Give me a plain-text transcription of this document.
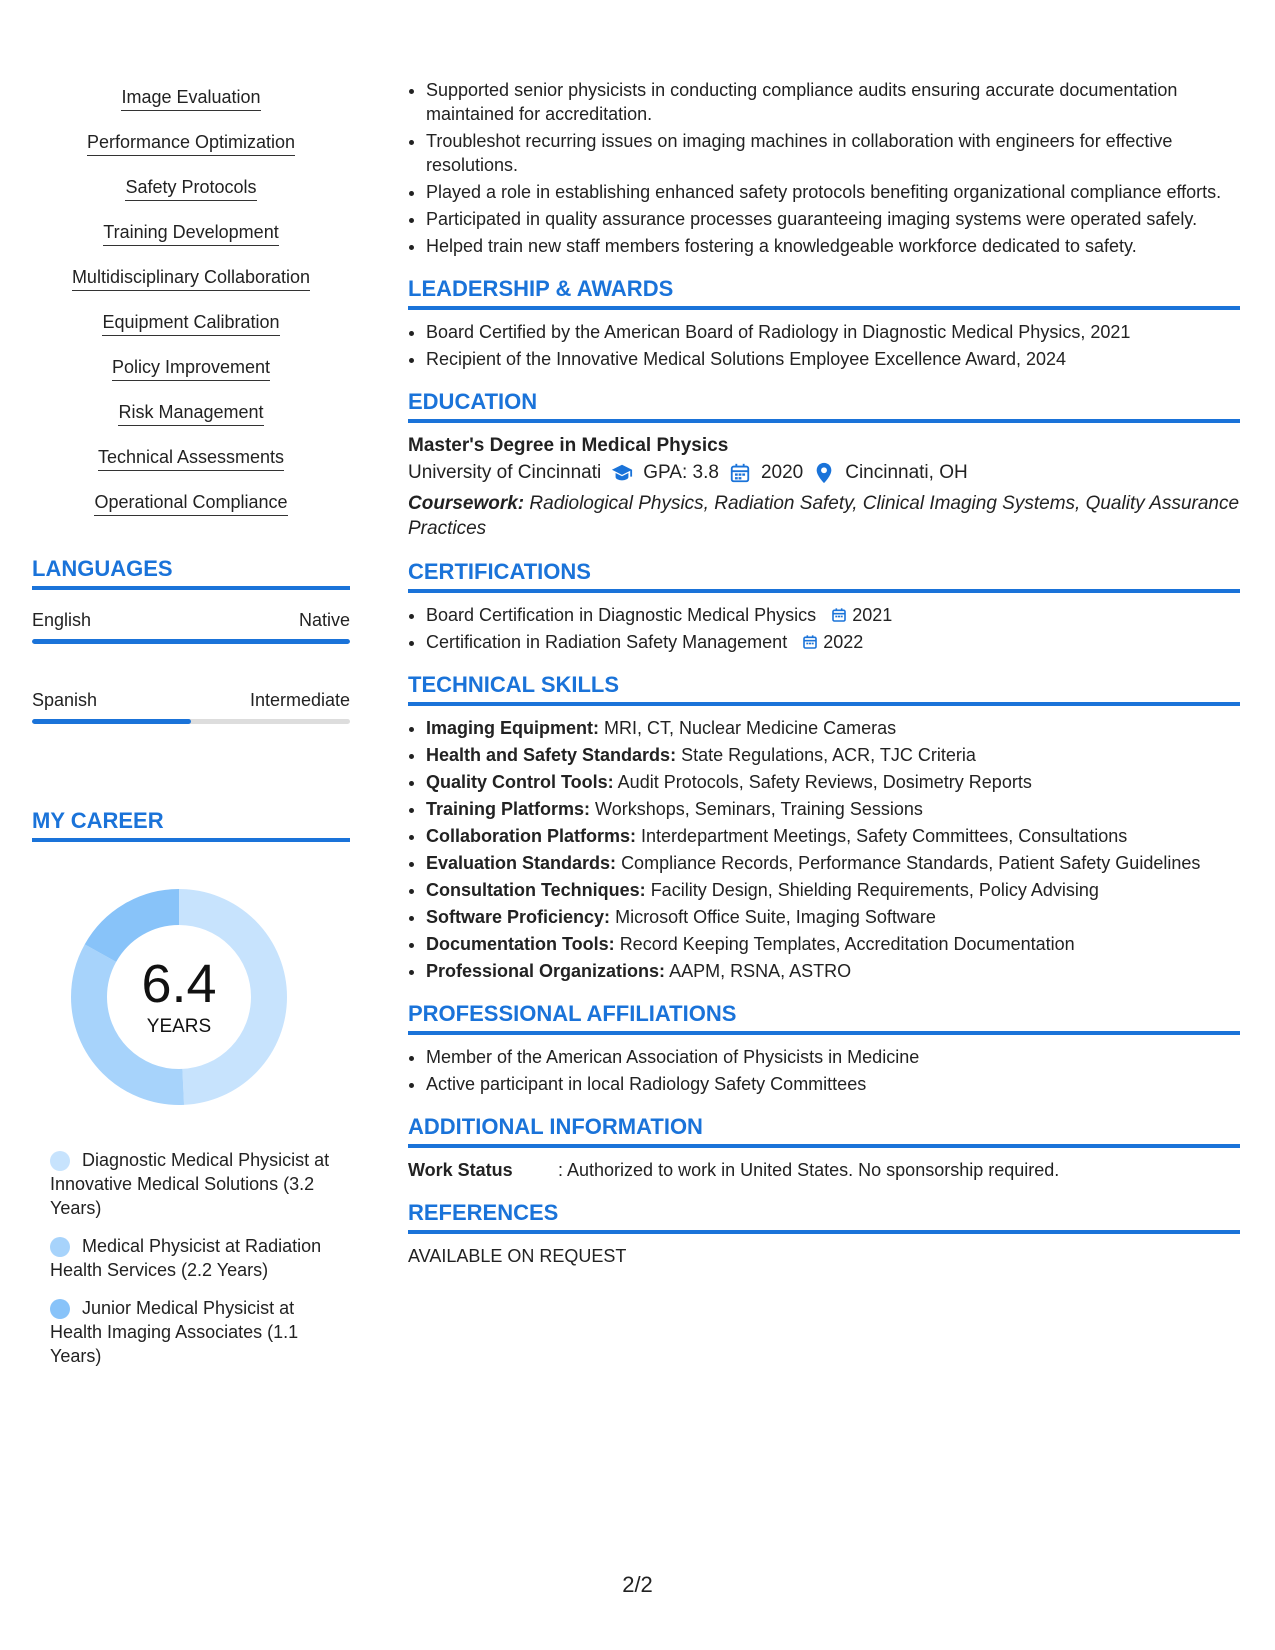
Image Evaluation
Performance Optimization
Safety Protocols
Training Development
Multidisciplinary Collaboration
Equipment Calibration
Policy Improvement
Risk Management
Technical Assessments
Operational Compliance
LANGUAGES
English	Native
Spanish	Intermediate
MY CAREER
6.4
YEARS
Diagnostic Medical Physicist at Innovative Medical Solutions (3.2 Years)
Medical Physicist at Radiation Health Services (2.2 Years)
Junior Medical Physicist at Health Imaging Associates (1.1 Years)
• Supported senior physicists in conducting compliance audits ensuring accurate documentation maintained for accreditation.
• Troubleshot recurring issues on imaging machines in collaboration with engineers for effective resolutions.
• Played a role in establishing enhanced safety protocols benefiting organizational compliance efforts.
• Participated in quality assurance processes guaranteeing imaging systems were operated safely.
• Helped train new staff members fostering a knowledgeable workforce dedicated to safety.
LEADERSHIP & AWARDS
• Board Certified by the American Board of Radiology in Diagnostic Medical Physics, 2021
• Recipient of the Innovative Medical Solutions Employee Excellence Award, 2024
EDUCATION
Master's Degree in Medical Physics
University of Cincinnati GPA: 3.8 2020 Cincinnati, OH
Coursework: Radiological Physics, Radiation Safety, Clinical Imaging Systems, Quality Assurance Practices
CERTIFICATIONS
• Board Certification in Diagnostic Medical Physics 2021
• Certification in Radiation Safety Management 2022
TECHNICAL SKILLS
• Imaging Equipment: MRI, CT, Nuclear Medicine Cameras
• Health and Safety Standards: State Regulations, ACR, TJC Criteria
• Quality Control Tools: Audit Protocols, Safety Reviews, Dosimetry Reports
• Training Platforms: Workshops, Seminars, Training Sessions
• Collaboration Platforms: Interdepartment Meetings, Safety Committees, Consultations
• Evaluation Standards: Compliance Records, Performance Standards, Patient Safety Guidelines
• Consultation Techniques: Facility Design, Shielding Requirements, Policy Advising
• Software Proficiency: Microsoft Office Suite, Imaging Software
• Documentation Tools: Record Keeping Templates, Accreditation Documentation
• Professional Organizations: AAPM, RSNA, ASTRO
PROFESSIONAL AFFILIATIONS
• Member of the American Association of Physicists in Medicine
• Active participant in local Radiology Safety Committees
ADDITIONAL INFORMATION
Work Status	: Authorized to work in United States. No sponsorship required.
REFERENCES
AVAILABLE ON REQUEST
2/2
